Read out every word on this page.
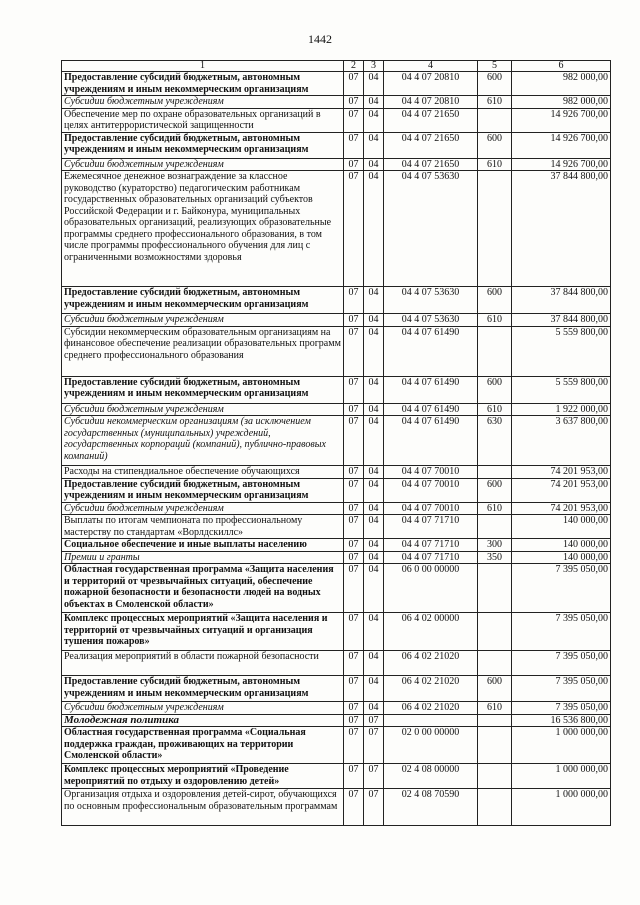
1442
1	2	3	4	5	6
Предоставление субсидий бюджетным, автономным учреждениям и иным некоммерческим организациям	07	04	04 4 07 20810	600	982 000,00
Субсидии бюджетным учреждениям	07	04	04 4 07 20810	610	982 000,00
Обеспечение мер по охране образовательных организаций в целях антитеррористической защищенности	07	04	04 4 07 21650		14 926 700,00
Предоставление субсидий бюджетным, автономным учреждениям и иным некоммерческим организациям	07	04	04 4 07 21650	600	14 926 700,00
Субсидии бюджетным учреждениям	07	04	04 4 07 21650	610	14 926 700,00
Ежемесячное денежное вознаграждение за классное руководство (кураторство) педагогическим работникам государственных образовательных организаций субъектов Российской Федерации и г. Байконура, муниципальных образовательных организаций, реализующих образовательные программы среднего профессионального образования, в том числе программы профессионального обучения для лиц с ограниченными возможностями здоровья	07	04	04 4 07 53630		37 844 800,00
Предоставление субсидий бюджетным, автономным учреждениям и иным некоммерческим организациям	07	04	04 4 07 53630	600	37 844 800,00
Субсидии бюджетным учреждениям	07	04	04 4 07 53630	610	37 844 800,00
Субсидии некоммерческим образовательным организациям на финансовое обеспечение реализации образовательных программ среднего профессионального образования	07	04	04 4 07 61490		5 559 800,00
Предоставление субсидий бюджетным, автономным учреждениям и иным некоммерческим организациям	07	04	04 4 07 61490	600	5 559 800,00
Субсидии бюджетным учреждениям	07	04	04 4 07 61490	610	1 922 000,00
Субсидии некоммерческим организациям (за исключением государственных (муниципальных) учреждений, государственных корпораций (компаний), публично-правовых компаний)	07	04	04 4 07 61490	630	3 637 800,00
Расходы на стипендиальное обеспечение обучающихся	07	04	04 4 07 70010		74 201 953,00
Предоставление субсидий бюджетным, автономным учреждениям и иным некоммерческим организациям	07	04	04 4 07 70010	600	74 201 953,00
Субсидии бюджетным учреждениям	07	04	04 4 07 70010	610	74 201 953,00
Выплаты по итогам чемпионата по профессиональному мастерству по стандартам «Ворлдскиллс»	07	04	04 4 07 71710		140 000,00
Социальное обеспечение и иные выплаты населению	07	04	04 4 07 71710	300	140 000,00
Премии и гранты	07	04	04 4 07 71710	350	140 000,00
Областная государственная программа «Защита населения и территорий от чрезвычайных ситуаций, обеспечение пожарной безопасности и безопасности людей на водных объектах в Смоленской области»	07	04	06 0 00 00000		7 395 050,00
Комплекс процессных мероприятий «Защита населения и территорий от чрезвычайных ситуаций и организация тушения пожаров»	07	04	06 4 02 00000		7 395 050,00
Реализация мероприятий в области пожарной безопасности	07	04	06 4 02 21020		7 395 050,00
Предоставление субсидий бюджетным, автономным учреждениям и иным некоммерческим организациям	07	04	06 4 02 21020	600	7 395 050,00
Субсидии бюджетным учреждениям	07	04	06 4 02 21020	610	7 395 050,00
Молодежная политика	07	07			16 536 800,00
Областная государственная программа «Социальная поддержка граждан, проживающих на территории Смоленской области»	07	07	02 0 00 00000		1 000 000,00
Комплекс процессных мероприятий «Проведение мероприятий по отдыху и оздоровлению детей»	07	07	02 4 08 00000		1 000 000,00
Организация отдыха и оздоровления детей-сирот, обучающихся по основным профессиональным образовательным программам	07	07	02 4 08 70590		1 000 000,00
